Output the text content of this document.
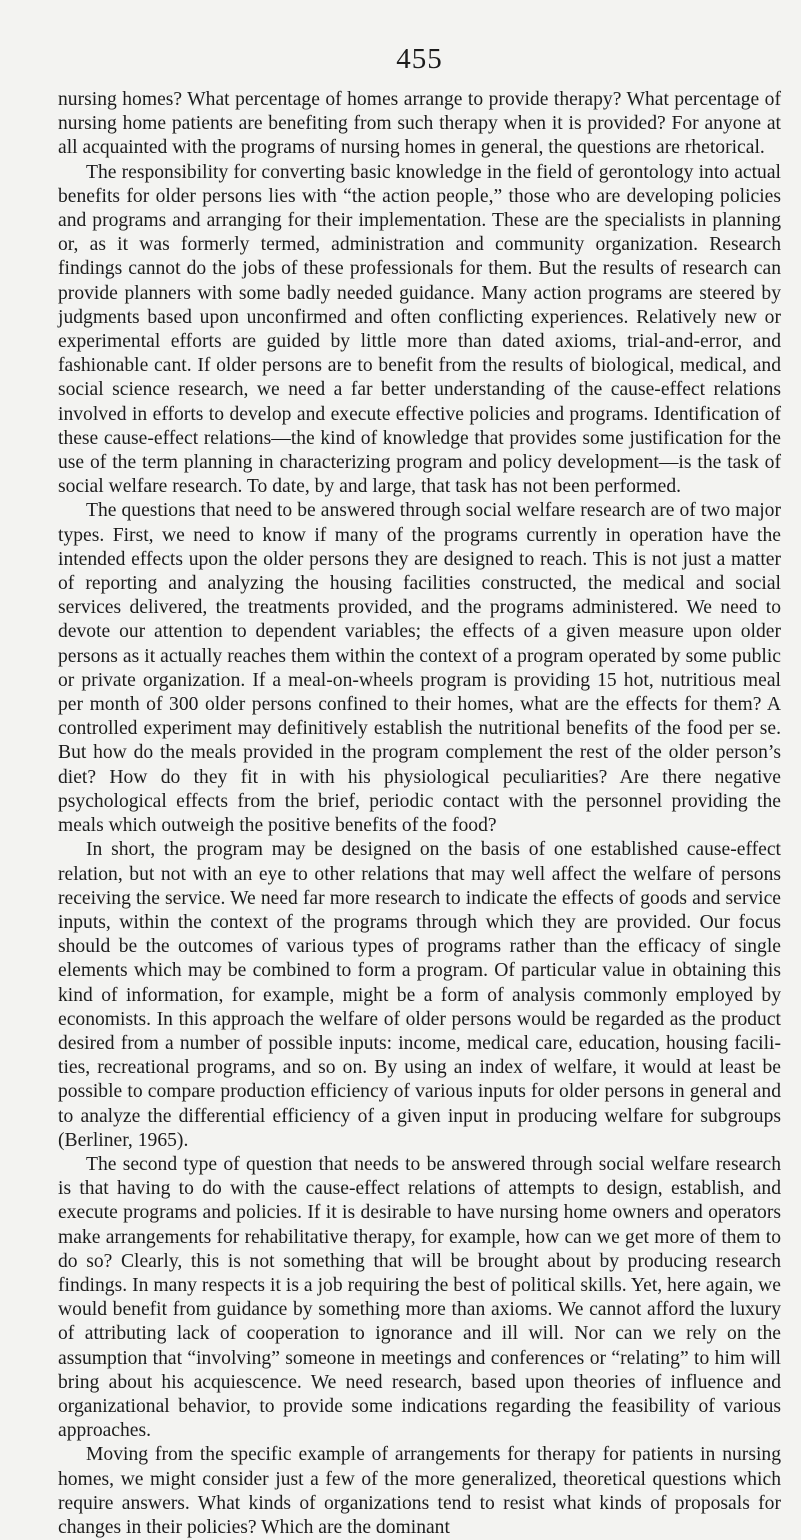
455

nursing homes? What percentage of homes arrange to provide therapy? What percentage of nursing home patients are benefiting from such therapy when it is provided? For anyone at all acquainted with the programs of nursing homes in general, the questions are rhetorical.

The responsibility for converting basic knowledge in the field of gerontology into actual benefits for older persons lies with “the action people,” those who are developing policies and programs and arranging for their implementation. These are the specialists in planning or, as it was formerly termed, administration and community organization. Research findings cannot do the jobs of these professionals for them. But the results of research can provide planners with some badly needed guidance. Many action programs are steered by judgments based upon unconfirmed and often conflicting experiences. Relatively new or experimental efforts are guided by little more than dated axioms, trial-and-error, and fashionable cant. If older persons are to benefit from the results of biological, medical, and social science research, we need a far better understanding of the cause-effect relations involved in efforts to develop and execute effective policies and programs. Identification of these cause-effect relations—the kind of knowledge that provides some justification for the use of the term planning in characterizing program and policy development—is the task of social welfare research. To date, by and large, that task has not been performed.

The questions that need to be answered through social welfare research are of two major types. First, we need to know if many of the programs currently in operation have the intended effects upon the older persons they are designed to reach. This is not just a matter of reporting and analyzing the housing facilities constructed, the medical and social services delivered, the treatments provided, and the programs administered. We need to devote our attention to dependent variables; the effects of a given measure upon older persons as it actually reaches them within the context of a program operated by some public or private organization. If a meal-on-wheels program is providing 15 hot, nutritious meal per month of 300 older persons confined to their homes, what are the effects for them? A controlled experiment may definitively establish the nutritional benefits of the food per se. But how do the meals provided in the program complement the rest of the older person’s diet? How do they fit in with his physiological peculiarities? Are there negative psychological effects from the brief, periodic contact with the personnel providing the meals which outweigh the positive benefits of the food?

In short, the program may be designed on the basis of one established cause-effect relation, but not with an eye to other relations that may well affect the welfare of persons receiving the service. We need far more research to indicate the effects of goods and service inputs, within the context of the programs through which they are provided. Our focus should be the outcomes of various types of programs rather than the efficacy of single elements which may be combined to form a program. Of particular value in obtaining this kind of information, for example, might be a form of analysis commonly employed by economists. In this approach the welfare of older persons would be regarded as the product desired from a number of possible inputs: income, medical care, education, housing facilities, recreational programs, and so on. By using an index of welfare, it would at least be possible to compare production efficiency of various inputs for older persons in general and to analyze the differential efficiency of a given input in producing welfare for subgroups (Berliner, 1965).

The second type of question that needs to be answered through social welfare research is that having to do with the cause-effect relations of attempts to design, establish, and execute programs and policies. If it is desirable to have nursing home owners and operators make arrangements for rehabilitative therapy, for example, how can we get more of them to do so? Clearly, this is not something that will be brought about by producing research findings. In many respects it is a job requiring the best of political skills. Yet, here again, we would benefit from guidance by something more than axioms. We cannot afford the luxury of attributing lack of cooperation to ignorance and ill will. Nor can we rely on the assumption that “involving” someone in meetings and conferences or “relating” to him will bring about his acquiescence. We need research, based upon theories of influence and organizational behavior, to provide some indications regarding the feasibility of various approaches.

Moving from the specific example of arrangements for therapy for patients in nursing homes, we might consider just a few of the more generalized, theoretical questions which require answers. What kinds of organizations tend to resist what kinds of proposals for changes in their policies? Which are the dominant
